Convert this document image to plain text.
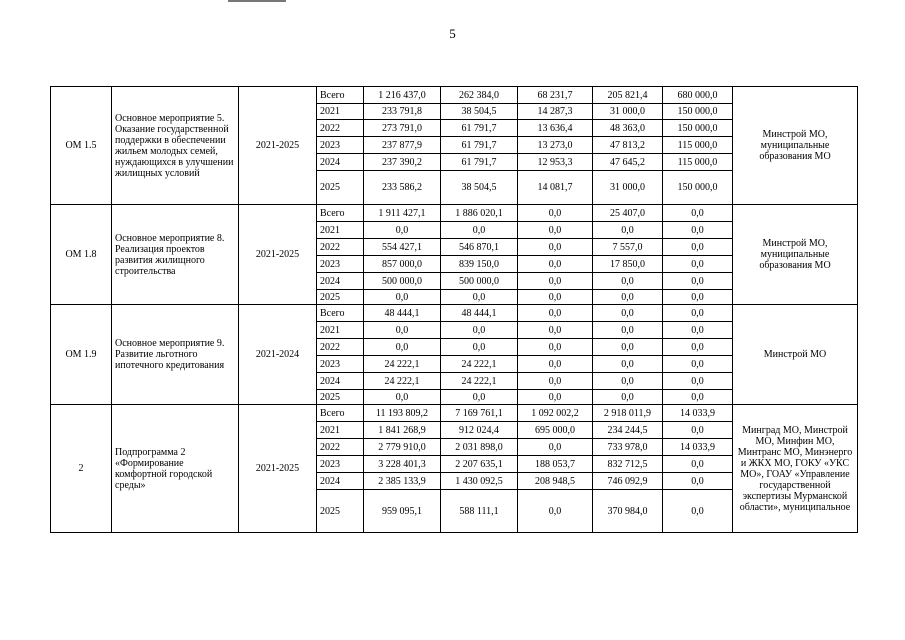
5
ОМ 1.5	Основное мероприятие 5. Оказание государственной поддержки в обеспечении жильем молодых семей, нуждающихся в улучшении жилищных условий	2021-2025	Всего	1 216 437,0	262 384,0	68 231,7	205 821,4	680 000,0	Минстрой МО, муниципальные образования МО
			2021	233 791,8	38 504,5	14 287,3	31 000,0	150 000,0	
			2022	273 791,0	61 791,7	13 636,4	48 363,0	150 000,0	
			2023	237 877,9	61 791,7	13 273,0	47 813,2	115 000,0	
			2024	237 390,2	61 791,7	12 953,3	47 645,2	115 000,0	
			2025	233 586,2	38 504,5	14 081,7	31 000,0	150 000,0	
ОМ 1.8	Основное мероприятие 8. Реализация проектов развития жилищного строительства	2021-2025	Всего	1 911 427,1	1 886 020,1	0,0	25 407,0	0,0	Минстрой МО, муниципальные образования МО
			2021	0,0	0,0	0,0	0,0	0,0	
			2022	554 427,1	546 870,1	0,0	7 557,0	0,0	
			2023	857 000,0	839 150,0	0,0	17 850,0	0,0	
			2024	500 000,0	500 000,0	0,0	0,0	0,0	
			2025	0,0	0,0	0,0	0,0	0,0	
ОМ 1.9	Основное мероприятие 9. Развитие льготного ипотечного кредитования	2021-2024	Всего	48 444,1	48 444,1	0,0	0,0	0,0	Минстрой МО
			2021	0,0	0,0	0,0	0,0	0,0	
			2022	0,0	0,0	0,0	0,0	0,0	
			2023	24 222,1	24 222,1	0,0	0,0	0,0	
			2024	24 222,1	24 222,1	0,0	0,0	0,0	
			2025	0,0	0,0	0,0	0,0	0,0	
2	Подпрограмма 2 «Формирование комфортной городской среды»	2021-2025	Всего	11 193 809,2	7 169 761,1	1 092 002,2	2 918 011,9	14 033,9	Минград МО, Минстрой МО, Минфин МО, Минтранс МО, Минэнерго и ЖКХ МО, ГОКУ «УКС МО», ГОАУ «Управление государственной экспертизы Мурманской области», муниципальное
			2021	1 841 268,9	912 024,4	695 000,0	234 244,5	0,0	
			2022	2 779 910,0	2 031 898,0	0,0	733 978,0	14 033,9	
			2023	3 228 401,3	2 207 635,1	188 053,7	832 712,5	0,0	
			2024	2 385 133,9	1 430 092,5	208 948,5	746 092,9	0,0	
			2025	959 095,1	588 111,1	0,0	370 984,0	0,0	
